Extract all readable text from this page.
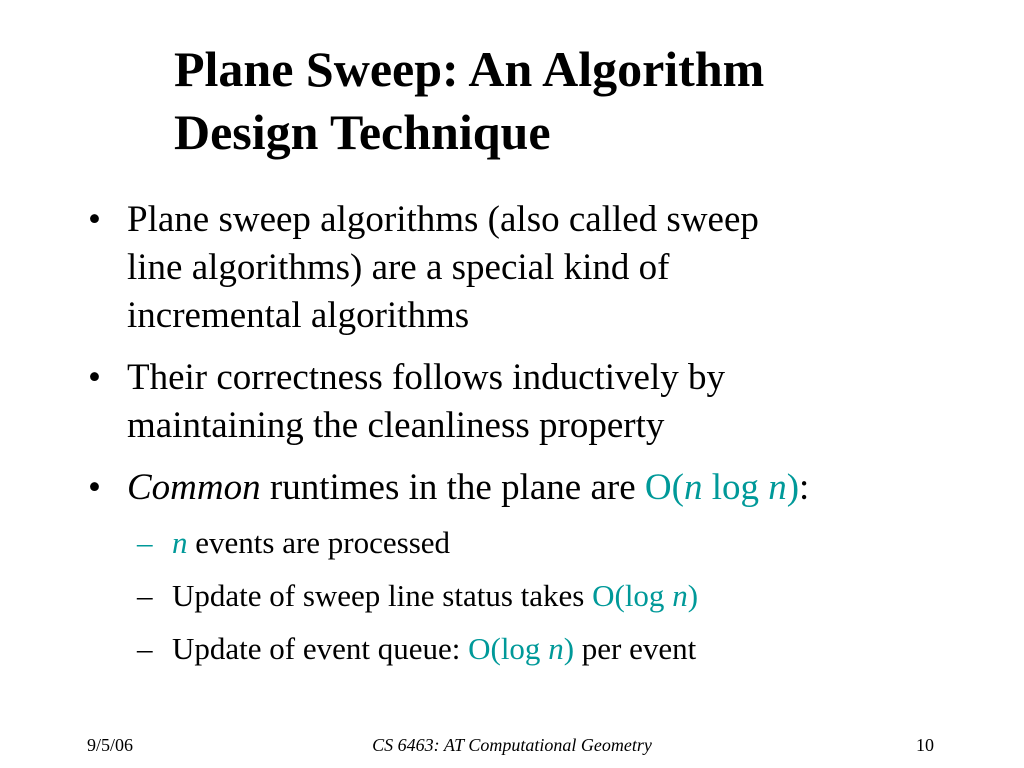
Plane Sweep: An Algorithm
Design Technique
• Plane sweep algorithms (also called sweep
line algorithms) are a special kind of
incremental algorithms
• Their correctness follows inductively by
maintaining the cleanliness property
• Common runtimes in the plane are O(n log n):
– n events are processed
– Update of sweep line status takes O(log n)
– Update of event queue: O(log n) per event
9/5/06	CS 6463: AT Computational Geometry	10
